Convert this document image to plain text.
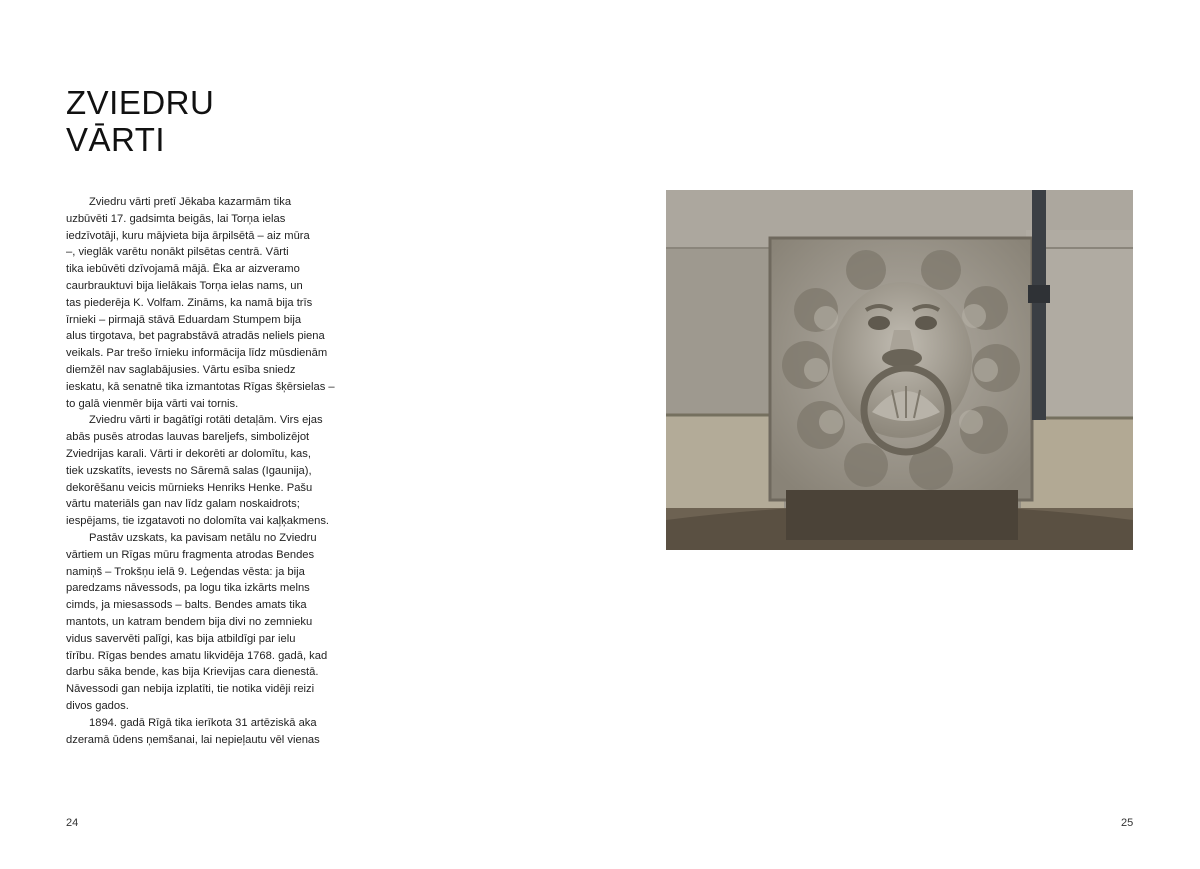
ZVIEDRU
VĀRTI

Zviedru vārti pretī Jēkaba kazarmām tika
uzbūvēti 17. gadsimta beigās, lai Torņa ielas
iedzīvotāji, kuru mājvieta bija ārpilsētā – aiz mūra
–, vieglāk varētu nonākt pilsētas centrā. Vārti
tika iebūvēti dzīvojamā mājā. Ēka ar aizveramo
caurbrauktuvi bija lielākais Torņa ielas nams, un
tas piederēja K. Volfam. Zināms, ka namā bija trīs
īrnieki – pirmajā stāvā Eduardam Stumpem bija
alus tirgotava, bet pagrabstāvā atradās neliels piena
veikals. Par trešo īrnieku informācija līdz mūsdienām
diemžēl nav saglabājusies. Vārtu esība sniedz
ieskatu, kā senatnē tika izmantotas Rīgas šķērsielas –
to galā vienmēr bija vārti vai tornis.

Zviedru vārti ir bagātīgi rotāti detaļām. Virs ejas
abās pusēs atrodas lauvas bareljefs, simbolizējot
Zviedrijas karali. Vārti ir dekorēti ar dolomītu, kas,
tiek uzskatīts, ievests no Sāremā salas (Igaunija),
dekorēšanu veicis mūrnieks Henriks Henke. Pašu
vārtu materiāls gan nav līdz galam noskaidrots;
iespējams, tie izgatavoti no dolomīta vai kaļķakmens.

Pastāv uzskats, ka pavisam netālu no Zviedru
vārtiem un Rīgas mūru fragmenta atrodas Bendes
namiņš – Trokšņu ielā 9. Leģendas vēsta: ja bija
paredzams nāvessods, pa logu tika izkārts melns
cimds, ja miesassods – balts. Bendes amats tika
mantots, un katram bendem bija divi no zemnieku
vidus savervēti palīgi, kas bija atbildīgi par ielu
tīrību. Rīgas bendes amatu likvidēja 1768. gadā, kad
darbu sāka bende, kas bija Krievijas cara dienestā.
Nāvessodi gan nebija izplatīti, tie notika vidēji reizi
divos gados.

1894. gadā Rīgā tika ierīkota 31 artēziskā aka
dzeramā ūdens ņemšanai, lai nepieļautu vēl vienas

24	25
